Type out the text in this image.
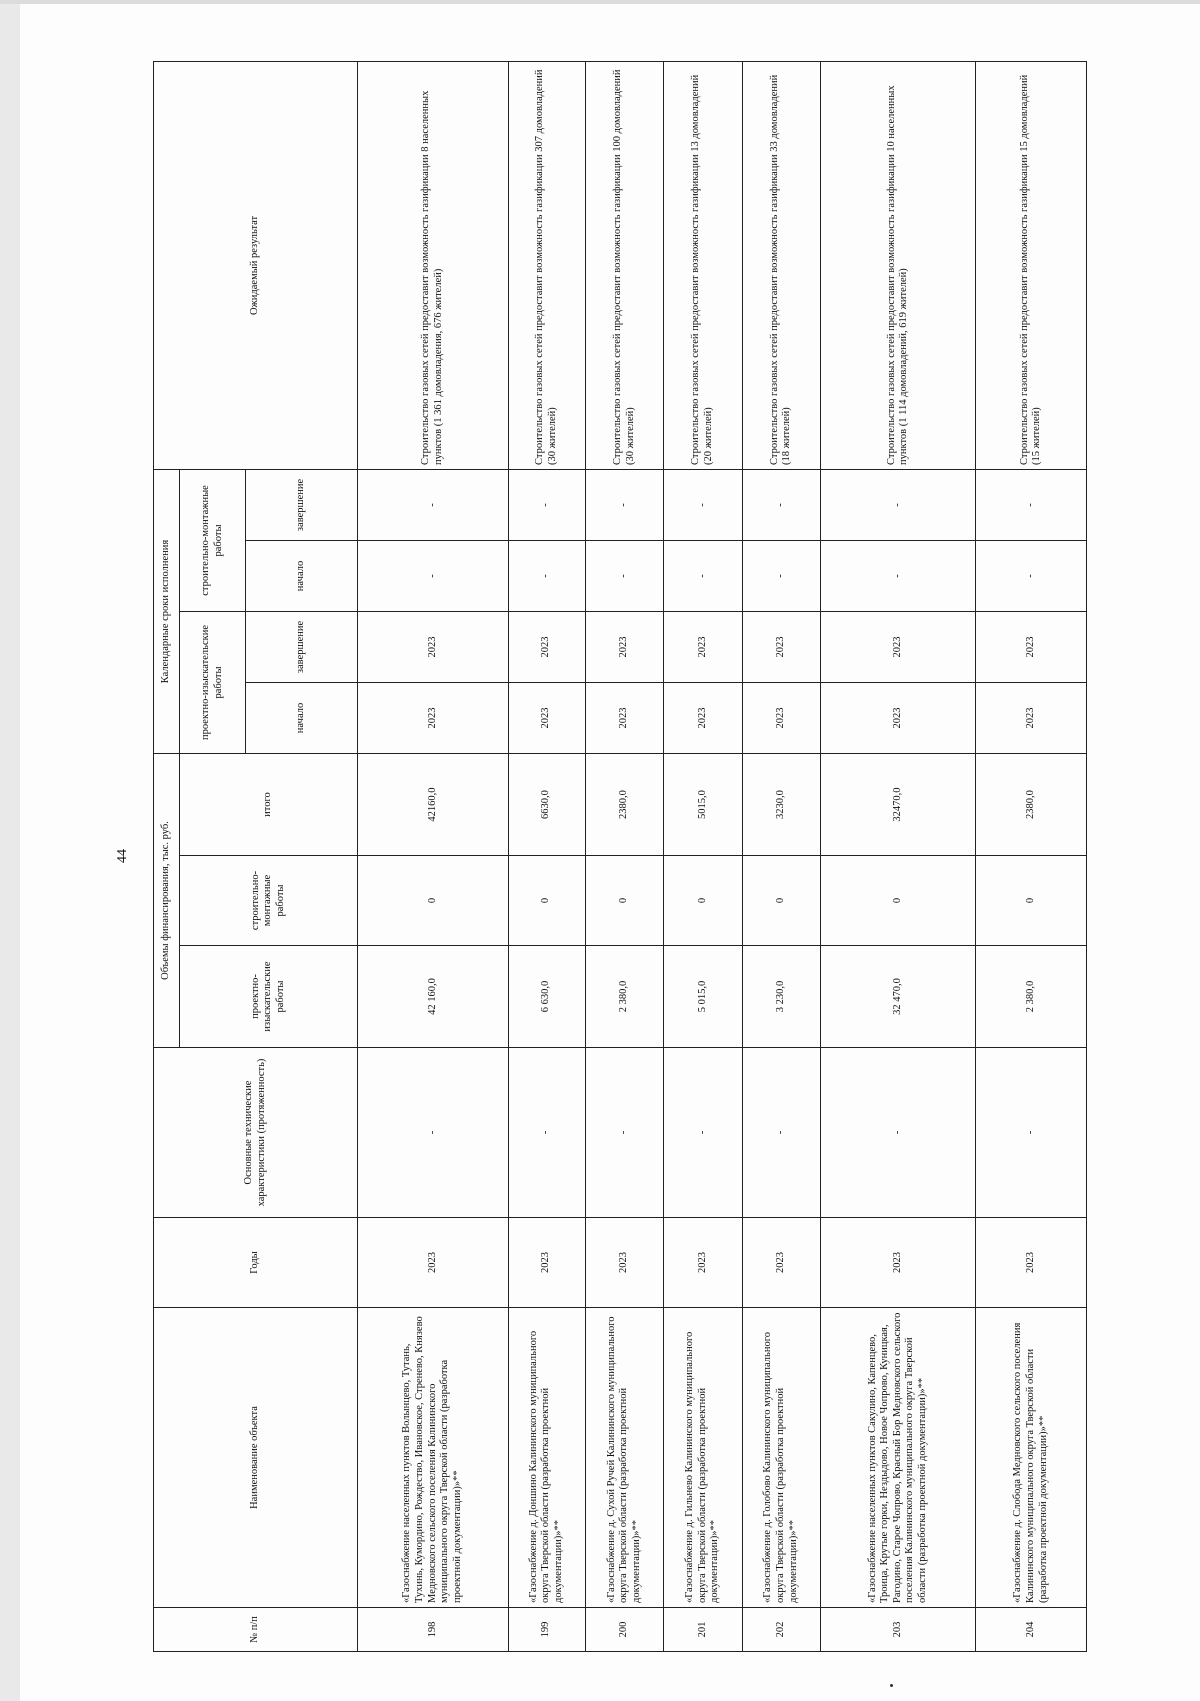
44
№ п/п	Наименование объекта	Годы	Основные технические характеристики (протяженность)	Объемы финансирования, тыс. руб.			Календарные сроки исполнения				Ожидаемый результат
				проектно-изыскательские работы	строительно-монтажные работы	итого	проектно-изыскательские работы		строительно-монтажные работы		
							начало	завершение	начало	завершение	
198	«Газоснабжение населенных пунктов Волынцево, Тутань, Тухинь, Кумордино, Рождество, Ивановское, Стренево, Князево Медновского сельского поселения Калининского муниципального округа Тверской области (разработка проектной документации)»**	2023	-	42 160,0	0	42160,0	2023	2023	-	-	Строительство газовых сетей предоставит возможность газификации 8 населенных пунктов (1 361 домовладения, 676 жителей)
199	«Газоснабжение д. Доншино Калининского муниципального округа Тверской области (разработка проектной документации)»**	2023	-	6 630,0	0	6630,0	2023	2023	-	-	Строительство газовых сетей предоставит возможность газификации 307 домовладений (30 жителей)
200	«Газоснабжение д. Сухой Ручей Калининского муниципального округа Тверской области (разработка проектной документации)»**	2023	-	2 380,0	0	2380,0	2023	2023	-	-	Строительство газовых сетей предоставит возможность газификации 100 домовладений (30 жителей)
201	«Газоснабжение д. Гильнево Калининского муниципального округа Тверской области (разработка проектной документации)»**	2023	-	5 015,0	0	5015,0	2023	2023	-	-	Строительство газовых сетей предоставит возможность газификации 13 домовладений (20 жителей)
202	«Газоснабжение д. Голобово Калининского муниципального округа Тверской области (разработка проектной документации)»**	2023	-	3 230,0	0	3230,0	2023	2023	-	-	Строительство газовых сетей предоставит возможность газификации 33 домовладений (18 жителей)
203	«Газоснабжение населенных пунктов Сакулино, Капенцево, Троица, Крутые горки, Нездыдово, Новое Чопрово, Куницкая, Рагодино, Старое Чопрово, Красный Бор Медновского сельского поселения Калининского муниципального округа Тверской области (разработка проектной документации)»**	2023	-	32 470,0	0	32470,0	2023	2023	-	-	Строительство газовых сетей предоставит возможность газификации 10 населенных пунктов (1 114 домовладений, 619 жителей)
204	«Газоснабжение д. Слобода Медновского сельского поселения Калининского муниципального округа Тверской области (разработка проектной документации)»**	2023	-	2 380,0	0	2380,0	2023	2023	-	-	Строительство газовых сетей предоставит возможность газификации 15 домовладений (15 жителей)
